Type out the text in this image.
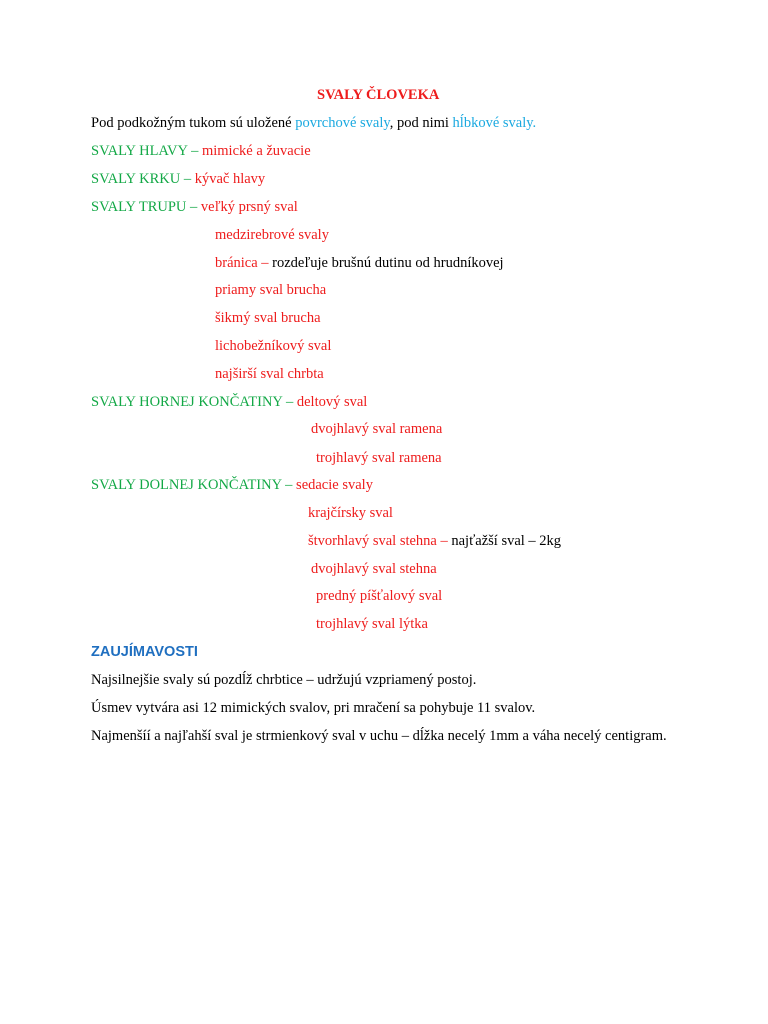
SVALY ČLOVEKA
Pod podkožným tukom sú uložené povrchové svaly, pod nimi hĺbkové svaly.
SVALY HLAVY – mimické a žuvacie
SVALY KRKU – kývač hlavy
SVALY TRUPU – veľký prsný sval
medzirebrové svaly
bránica – rozdeľuje brušnú dutinu od hrudníkovej
priamy sval brucha
šikmý sval brucha
lichobežníkový sval
najširší sval chrbta
SVALY HORNEJ KONČATINY – deltový sval
dvojhlavý sval ramena
trojhlavý sval ramena
SVALY DOLNEJ KONČATINY – sedacie svaly
krajčírsky sval
štvorhlavý sval stehna – najťažší sval – 2kg
dvojhlavý sval stehna
predný píšťalový sval
trojhlavý sval lýtka
ZAUJÍMAVOSTI
Najsilnejšie svaly sú pozdĺž chrbtice – udržujú vzpriamený postoj.
Úsmev vytvára asi 12 mimických svalov, pri mračení sa pohybuje 11 svalov.
Najmenšíí a najľahší sval je strmienkový sval v uchu – dĺžka necelý 1mm a váha necelý centigram.
